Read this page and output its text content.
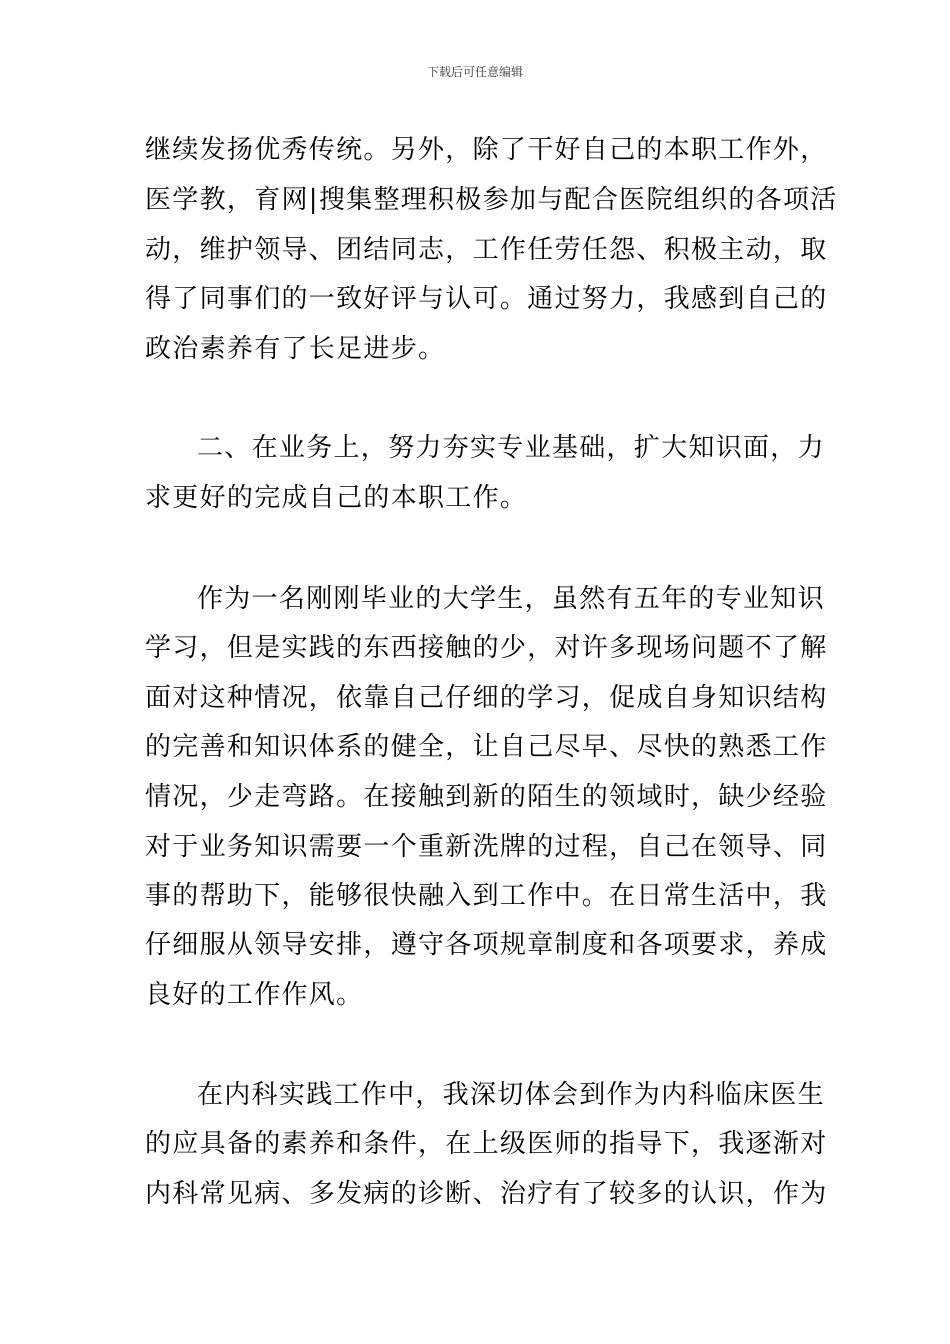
下载后可任意编辑
继续发扬优秀传统。另外，除了干好自己的本职工作外，
医学教，育网|搜集整理积极参加与配合医院组织的各项活
动，维护领导、团结同志，工作任劳任怨、积极主动，取
得了同事们的一致好评与认可。通过努力，我感到自己的
政治素养有了长足进步。
二、在业务上，努力夯实专业基础，扩大知识面，力
求更好的完成自己的本职工作。
作为一名刚刚毕业的大学生，虽然有五年的专业知识
学习，但是实践的东西接触的少，对许多现场问题不了解
面对这种情况，依靠自己仔细的学习，促成自身知识结构
的完善和知识体系的健全，让自己尽早、尽快的熟悉工作
情况，少走弯路。在接触到新的陌生的领域时，缺少经验
对于业务知识需要一个重新洗牌的过程，自己在领导、同
事的帮助下，能够很快融入到工作中。在日常生活中，我
仔细服从领导安排，遵守各项规章制度和各项要求，养成
良好的工作作风。
在内科实践工作中，我深切体会到作为内科临床医生
的应具备的素养和条件，在上级医师的指导下，我逐渐对
内科常见病、多发病的诊断、治疗有了较多的认识，作为
